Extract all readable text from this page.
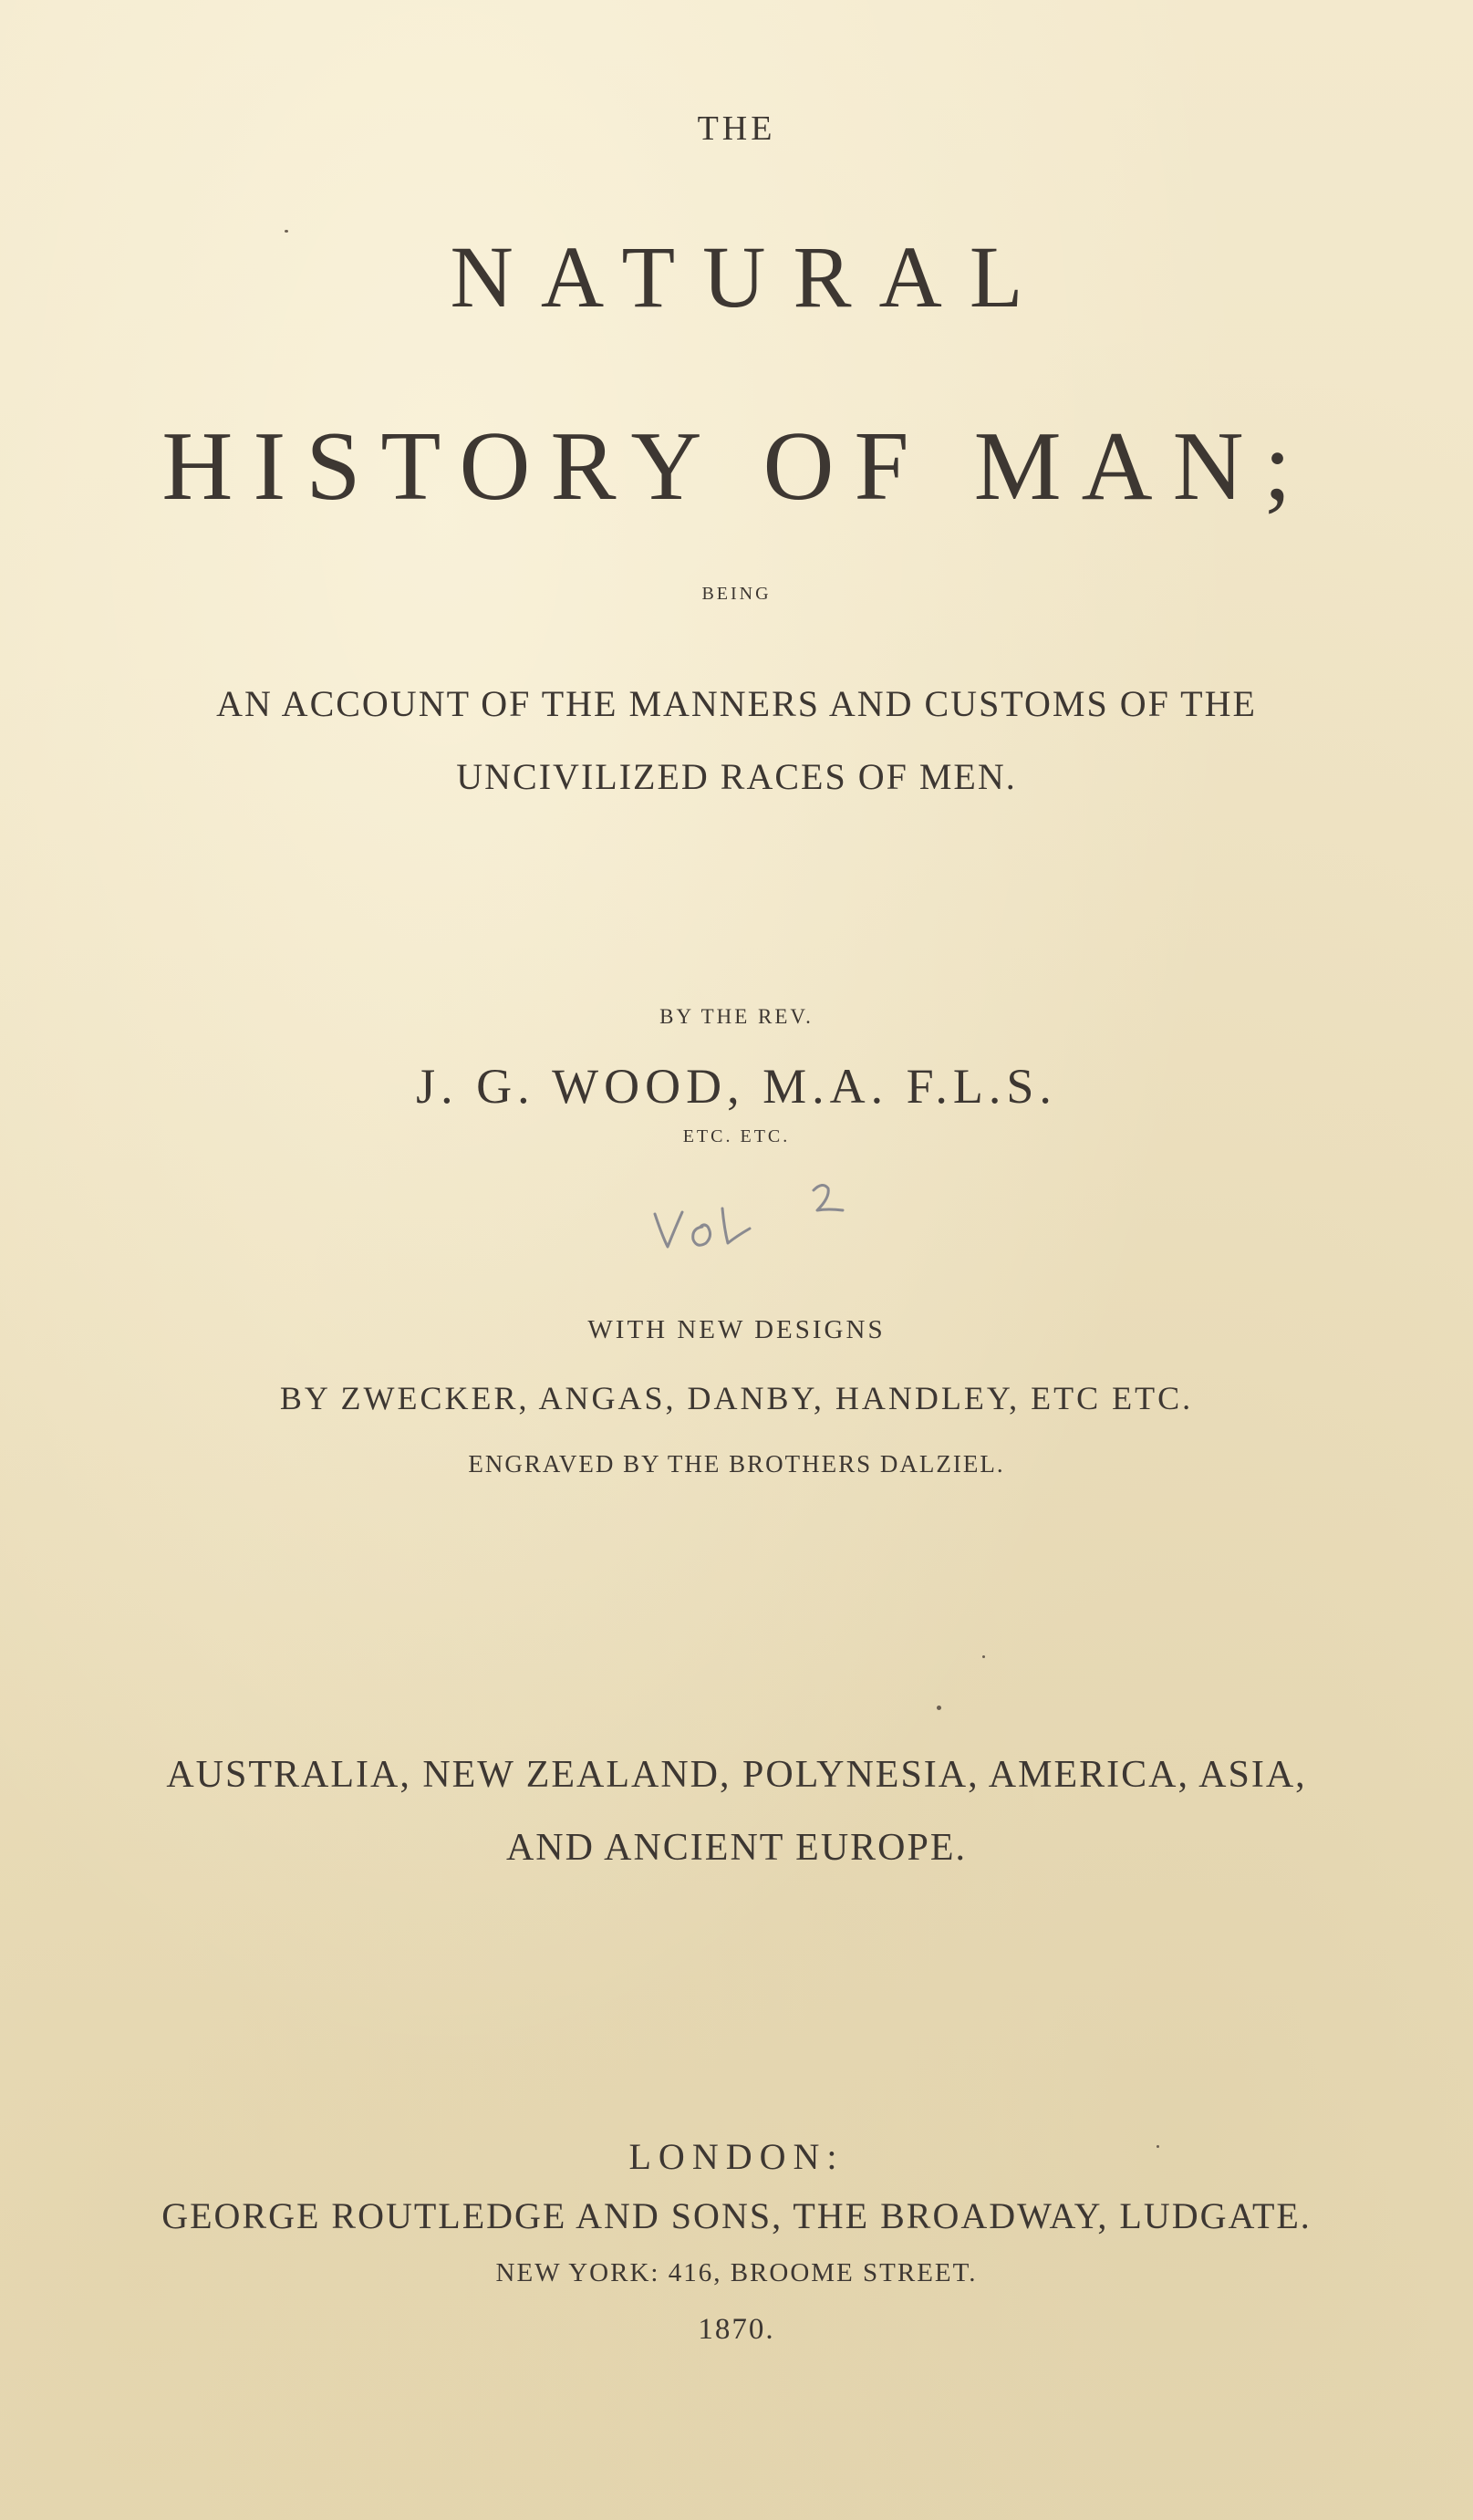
THE
NATURAL
HISTORY OF MAN;
BEING
AN ACCOUNT OF THE MANNERS AND CUSTOMS OF THE
UNCIVILIZED RACES OF MEN.
BY THE REV.
J. G. WOOD, M.A. F.L.S.
ETC. ETC.
WITH NEW DESIGNS
BY ZWECKER, ANGAS, DANBY, HANDLEY, ETC ETC.
ENGRAVED BY THE BROTHERS DALZIEL.
AUSTRALIA, NEW ZEALAND, POLYNESIA, AMERICA, ASIA,
AND ANCIENT EUROPE.
LONDON:
GEORGE ROUTLEDGE AND SONS, THE BROADWAY, LUDGATE.
NEW YORK: 416, BROOME STREET.
1870.
